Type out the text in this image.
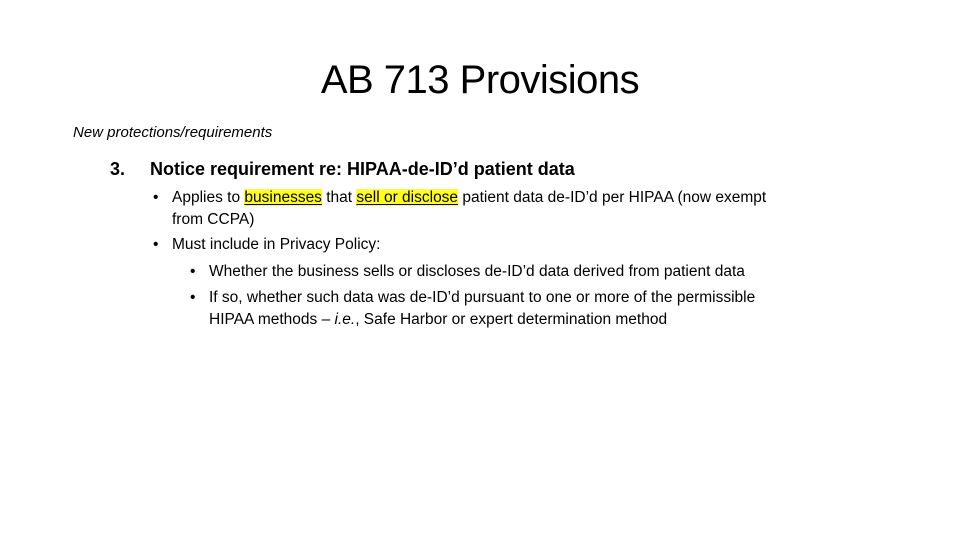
AB 713 Provisions
New protections/requirements
3. Notice requirement re: HIPAA-de-ID’d patient data
• Applies to businesses that sell or disclose patient data de-ID’d per HIPAA (now exempt
from CCPA)
• Must include in Privacy Policy:
• Whether the business sells or discloses de-ID’d data derived from patient data
• If so, whether such data was de-ID’d pursuant to one or more of the permissible
HIPAA methods – i.e., Safe Harbor or expert determination method
